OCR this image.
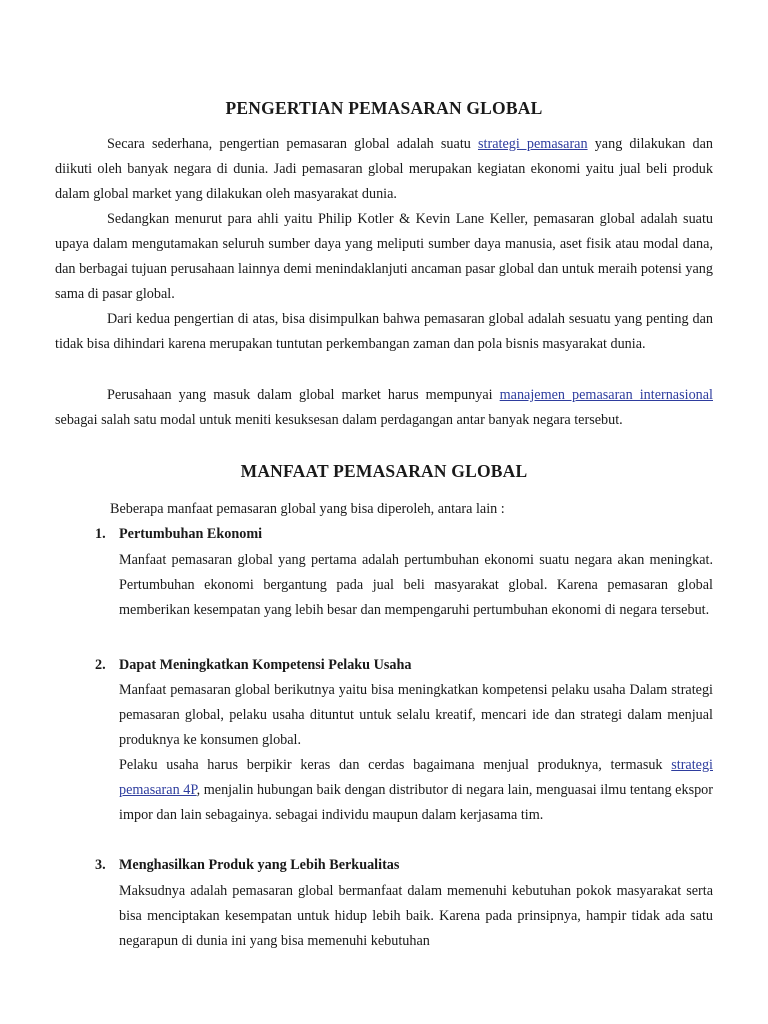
PENGERTIAN PEMASARAN GLOBAL
Secara sederhana, pengertian pemasaran global adalah suatu strategi pemasaran yang dilakukan dan diikuti oleh banyak negara di dunia. Jadi pemasaran global merupakan kegiatan ekonomi yaitu jual beli produk dalam global market yang dilakukan oleh masyarakat dunia.
Sedangkan menurut para ahli yaitu Philip Kotler & Kevin Lane Keller, pemasaran global adalah suatu upaya dalam mengutamakan seluruh sumber daya yang meliputi sumber daya manusia, aset fisik atau modal dana, dan berbagai tujuan perusahaan lainnya demi menindaklanjuti ancaman pasar global dan untuk meraih potensi yang sama di pasar global.
Dari kedua pengertian di atas, bisa disimpulkan bahwa pemasaran global adalah sesuatu yang penting dan tidak bisa dihindari karena merupakan tuntutan perkembangan zaman dan pola bisnis masyarakat dunia.
Perusahaan yang masuk dalam global market harus mempunyai manajemen pemasaran internasional sebagai salah satu modal untuk meniti kesuksesan dalam perdagangan antar banyak negara tersebut.
MANFAAT PEMASARAN GLOBAL
Beberapa manfaat pemasaran global yang bisa diperoleh, antara lain :
1. Pertumbuhan Ekonomi
Manfaat pemasaran global yang pertama adalah pertumbuhan ekonomi suatu negara akan meningkat. Pertumbuhan ekonomi bergantung pada jual beli masyarakat global. Karena pemasaran global memberikan kesempatan yang lebih besar dan mempengaruhi pertumbuhan ekonomi di negara tersebut.
2. Dapat Meningkatkan Kompetensi Pelaku Usaha
Manfaat pemasaran global berikutnya yaitu bisa meningkatkan kompetensi pelaku usaha Dalam strategi pemasaran global, pelaku usaha dituntut untuk selalu kreatif, mencari ide dan strategi dalam menjual produknya ke konsumen global.
Pelaku usaha harus berpikir keras dan cerdas bagaimana menjual produknya, termasuk strategi pemasaran 4P, menjalin hubungan baik dengan distributor di negara lain, menguasai ilmu tentang ekspor impor dan lain sebagainya. sebagai individu maupun dalam kerjasama tim.
3. Menghasilkan Produk yang Lebih Berkualitas
Maksudnya adalah pemasaran global bermanfaat dalam memenuhi kebutuhan pokok masyarakat serta bisa menciptakan kesempatan untuk hidup lebih baik. Karena pada prinsipnya, hampir tidak ada satu negarapun di dunia ini yang bisa memenuhi kebutuhan
